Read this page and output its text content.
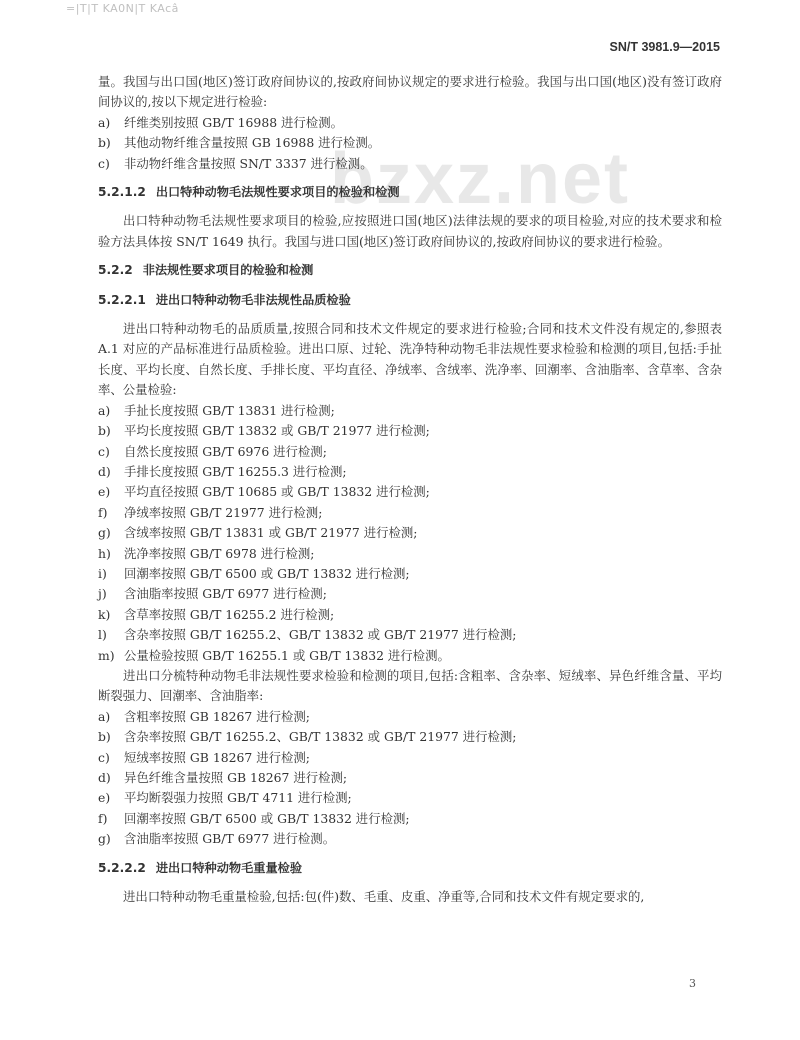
=|T|T KA0N|T KAcâ
SN/T 3981.9—2015
bzxz.net

量。我国与出口国(地区)签订政府间协议的,按政府间协议规定的要求进行检验。我国与出口国(地区)没有签订政府间协议的,按以下规定进行检验:

a)	纤维类别按照 GB/T 16988 进行检测。

b)	其他动物纤维含量按照 GB 16988 进行检测。

c)	非动物纤维含量按照 SN/T 3337 进行检测。

5.2.1.2 出口特种动物毛法规性要求项目的检验和检测

出口特种动物毛法规性要求项目的检验,应按照进口国(地区)法律法规的要求的项目检验,对应的技术要求和检验方法具体按 SN/T 1649 执行。我国与进口国(地区)签订政府间协议的,按政府间协议的要求进行检验。

5.2.2 非法规性要求项目的检验和检测
5.2.2.1 进出口特种动物毛非法规性品质检验

进出口特种动物毛的品质质量,按照合同和技术文件规定的要求进行检验;合同和技术文件没有规定的,参照表 A.1 对应的产品标准进行品质检验。进出口原、过轮、洗净特种动物毛非法规性要求检验和检测的项目,包括:手扯长度、平均长度、自然长度、手排长度、平均直径、净绒率、含绒率、洗净率、回潮率、含油脂率、含草率、含杂率、公量检验:

a)	手扯长度按照 GB/T 13831 进行检测;

b)	平均长度按照 GB/T 13832 或 GB/T 21977 进行检测;

c)	自然长度按照 GB/T 6976 进行检测;

d)	手排长度按照 GB/T 16255.3 进行检测;

e)	平均直径按照 GB/T 10685 或 GB/T 13832 进行检测;

f)	净绒率按照 GB/T 21977 进行检测;

g)	含绒率按照 GB/T 13831 或 GB/T 21977 进行检测;

h)	洗净率按照 GB/T 6978 进行检测;

i)	回潮率按照 GB/T 6500 或 GB/T 13832 进行检测;

j)	含油脂率按照 GB/T 6977 进行检测;

k)	含草率按照 GB/T 16255.2 进行检测;

l)	含杂率按照 GB/T 16255.2、GB/T 13832 或 GB/T 21977 进行检测;

m) 公量检验按照 GB/T 16255.1 或 GB/T 13832 进行检测。

进出口分梳特种动物毛非法规性要求检验和检测的项目,包括:含粗率、含杂率、短绒率、异色纤维含量、平均断裂强力、回潮率、含油脂率:

a)	含粗率按照 GB 18267 进行检测;

b)	含杂率按照 GB/T 16255.2、GB/T 13832 或 GB/T 21977 进行检测;

c)	短绒率按照 GB 18267 进行检测;

d)	异色纤维含量按照 GB 18267 进行检测;

e)	平均断裂强力按照 GB/T 4711 进行检测;

f)	回潮率按照 GB/T 6500 或 GB/T 13832 进行检测;

g)	含油脂率按照 GB/T 6977 进行检测。

5.2.2.2 进出口特种动物毛重量检验

进出口特种动物毛重量检验,包括:包(件)数、毛重、皮重、净重等,合同和技术文件有规定要求的,

3
